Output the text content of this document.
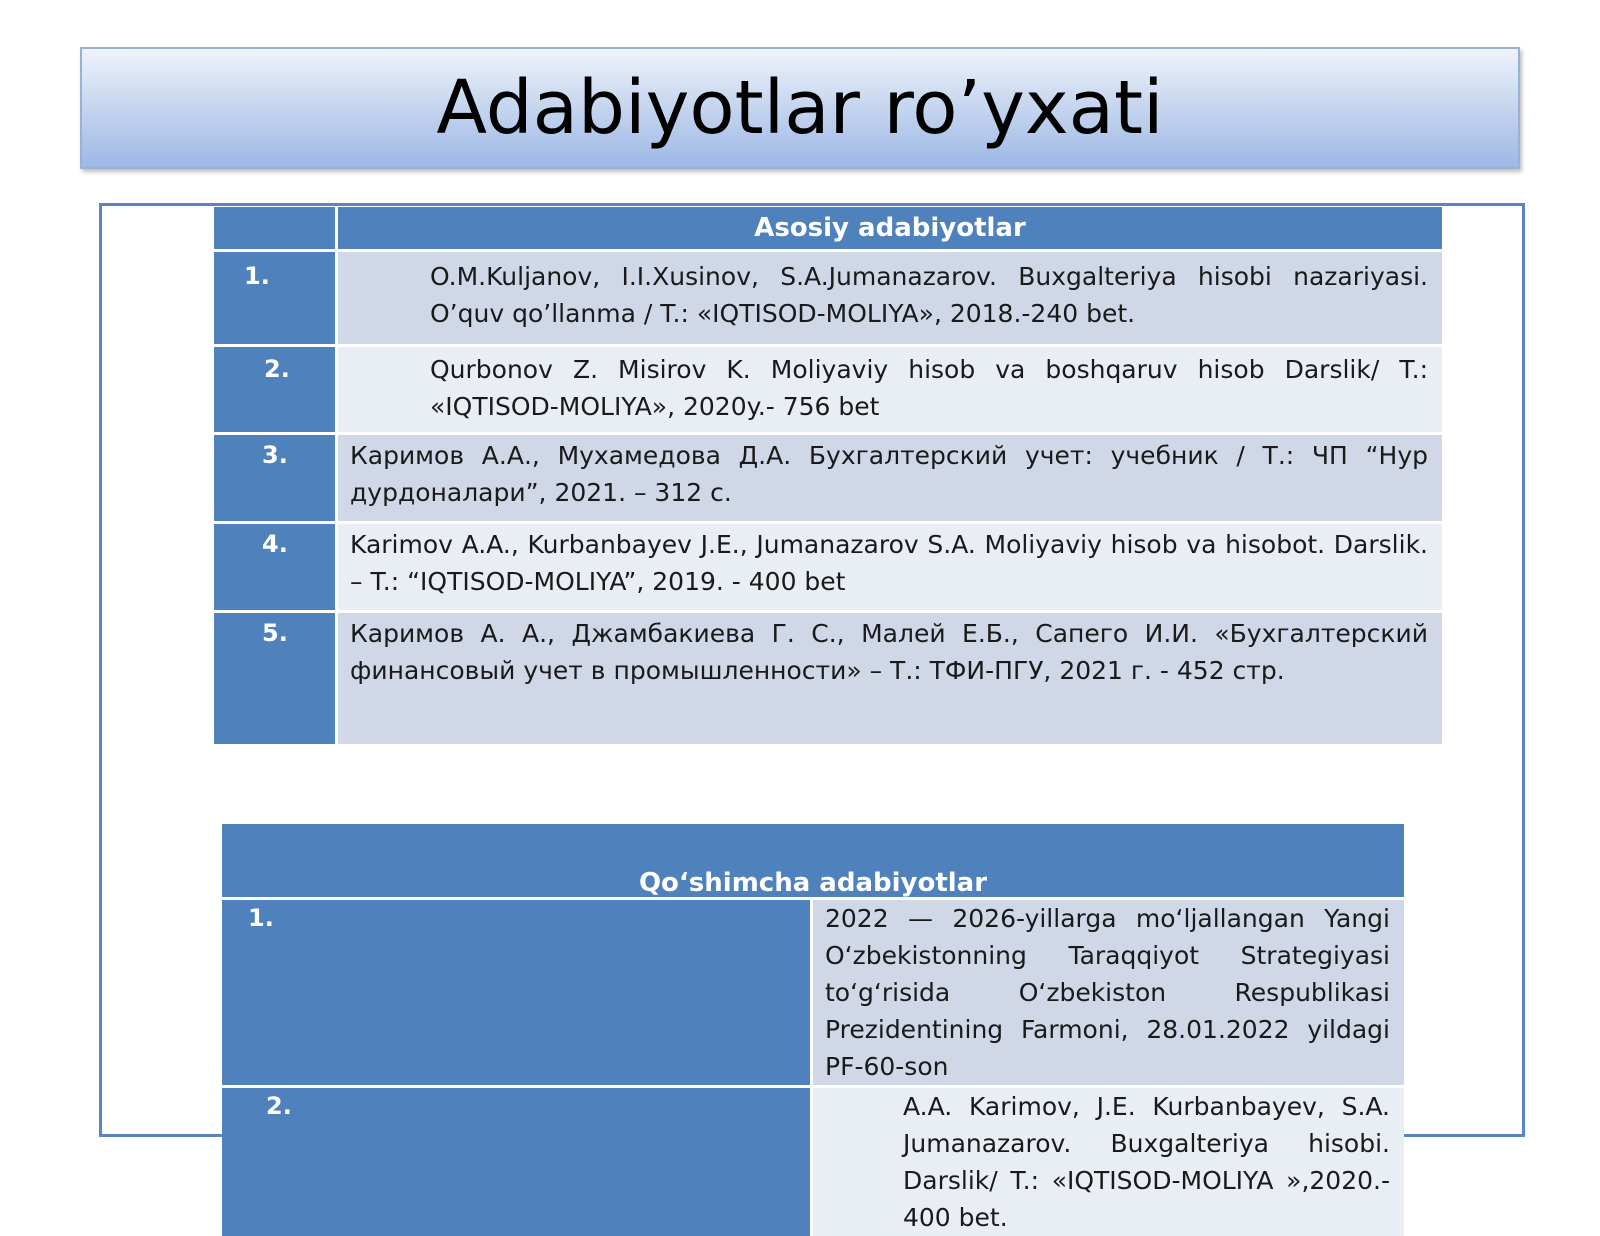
Adabiyotlar ro’yxati
	Asosiy adabiyotlar
1.	O.M.Kuljanov, I.I.Xusinov, S.A.Jumanazarov. Buxgalteriya hisobi nazariyasi. O’quv qo’llanma / T.: «IQTISOD-MOLIYA», 2018.-240 bet.
2.	Qurbonov Z. Misirov K. Moliyaviy hisob va boshqaruv hisob Darslik/ T.: «IQTISOD-MOLIYA», 2020y.- 756 bet
3.	Каримов А.А., Мухамедова Д.А. Бухгалтерский учет: учебник / Т.: ЧП “Нур дурдоналари”, 2021. – 312 с.
4.	Karimov A.A., Kurbanbayev J.E., Jumanazarov S.A. Moliyaviy hisob va hisobot. Darslik. – T.: “IQTISOD-MOLIYA”, 2019. - 400 bet
5.	Каримов А. А., Джамбакиева Г. С., Малей Е.Б., Сапего И.И. «Бухгалтерский финансовый учет в промышленности» – Т.: ТФИ-ПГУ, 2021 г. - 452 стр.
Qo‘shimcha adabiyotlar	
1.	2022 — 2026-yillarga mo‘ljallangan Yangi O‘zbekistonning Taraqqiyot Strategiyasi to‘g‘risida O‘zbekiston Respublikasi Prezidentining Farmoni, 28.01.2022 yildagi PF-60-son
2.	A.A. Karimov, J.E. Kurbanbayev, S.A. Jumanazarov. Buxgalteriya hisobi. Darslik/ T.: «IQTISOD-MOLIYA »,2020.- 400 bet.
